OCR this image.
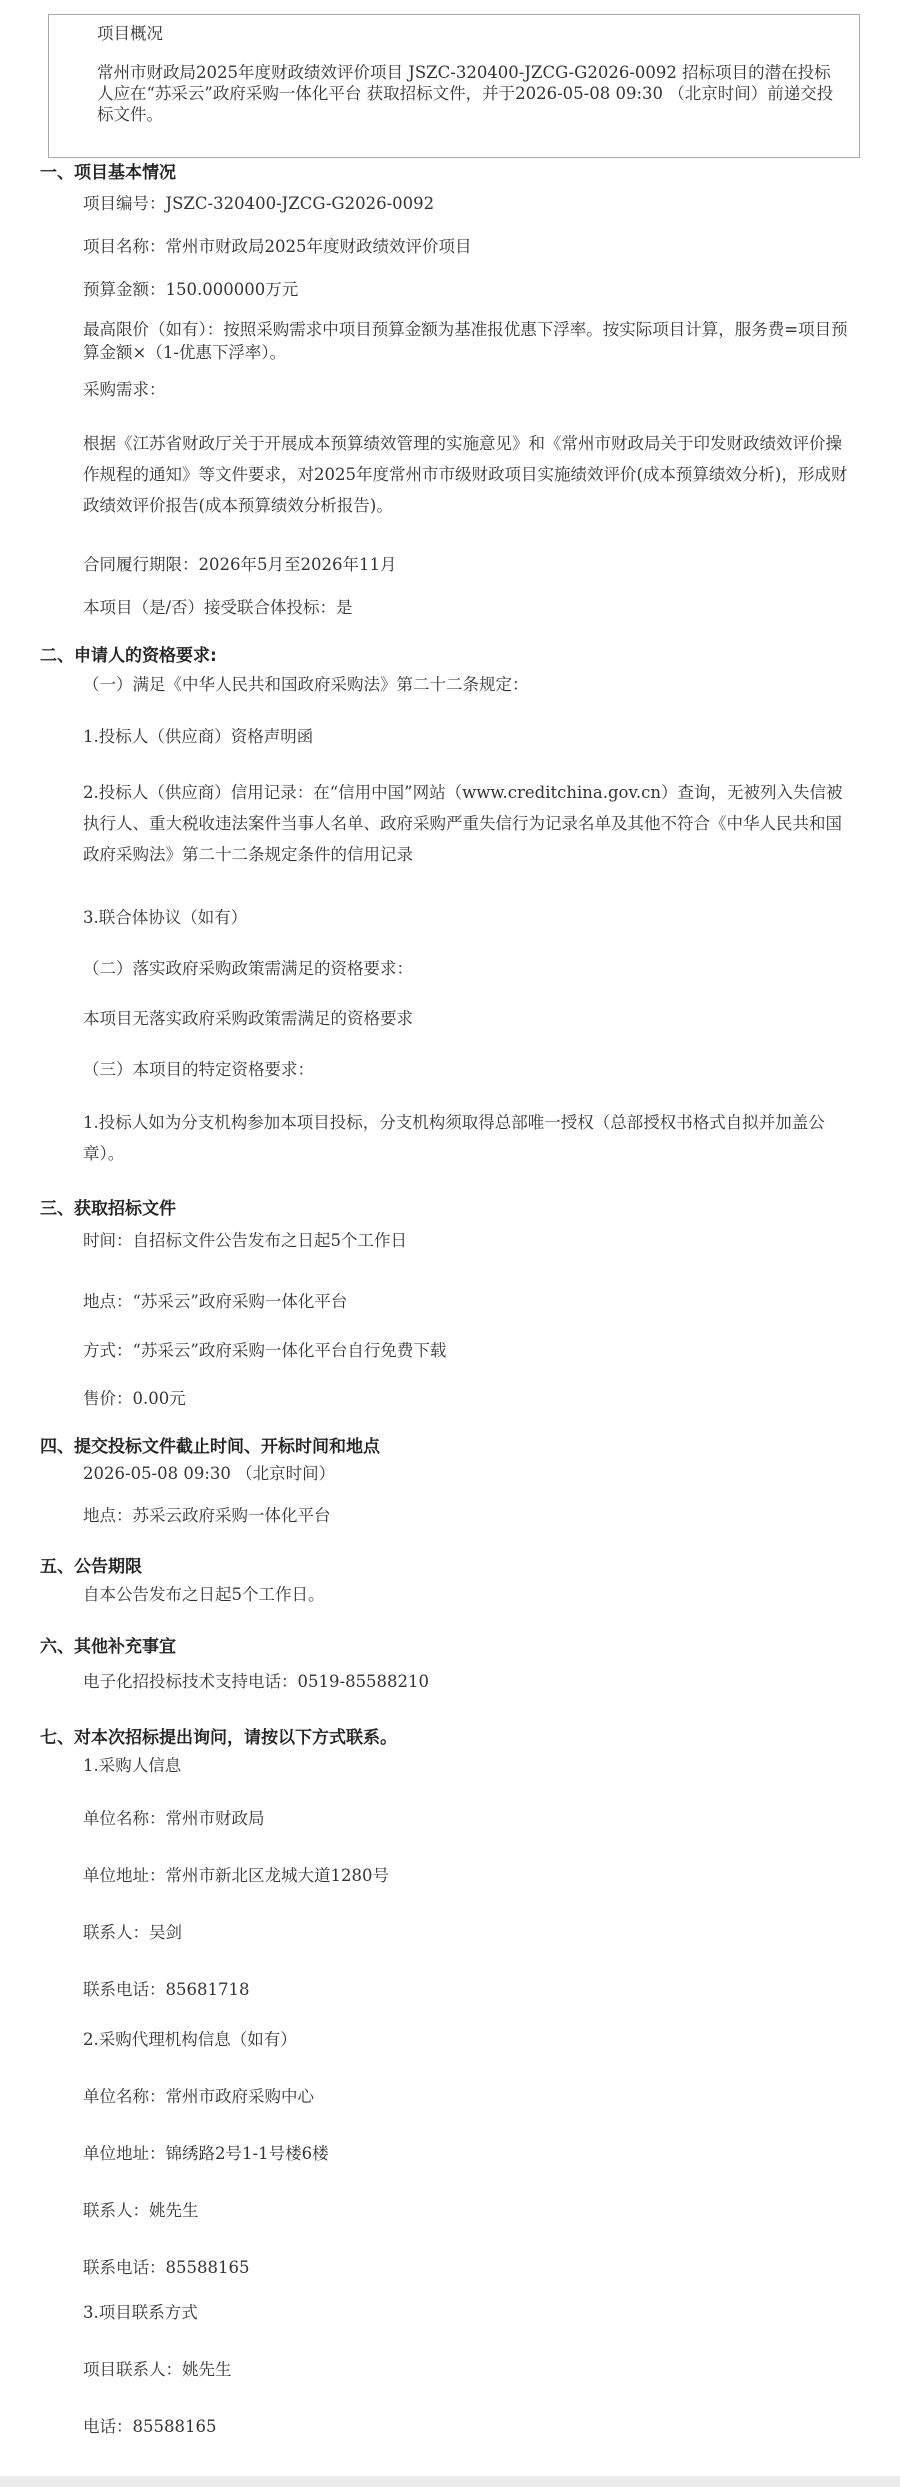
项目概况

常州市财政局2025年度财政绩效评价项目 JSZC-320400-JZCG-G2026-0092 招标项目的潜在投标人应在“苏采云”政府采购一体化平台 获取招标文件，并于2026-05-08 09:30 （北京时间）前递交投标文件。

一、项目基本情况
项目编号：JSZC-320400-JZCG-G2026-0092
项目名称：常州市财政局2025年度财政绩效评价项目
预算金额：150.000000万元
最高限价（如有）：按照采购需求中项目预算金额为基准报优惠下浮率。按实际项目计算，服务费=项目预算金额×（1-优惠下浮率）。
采购需求：
根据《江苏省财政厅关于开展成本预算绩效管理的实施意见》和《常州市财政局关于印发财政绩效评价操作规程的通知》等文件要求，对2025年度常州市市级财政项目实施绩效评价(成本预算绩效分析)，形成财政绩效评价报告(成本预算绩效分析报告)。
合同履行期限：2026年5月至2026年11月
本项目（是/否）接受联合体投标：是
二、申请人的资格要求:
（一）满足《中华人民共和国政府采购法》第二十二条规定：
1.投标人（供应商）资格声明函
2.投标人（供应商）信用记录：在“信用中国”网站（www.creditchina.gov.cn）查询，无被列入失信被执行人、重大税收违法案件当事人名单、政府采购严重失信行为记录名单及其他不符合《中华人民共和国政府采购法》第二十二条规定条件的信用记录
3.联合体协议（如有）
（二）落实政府采购政策需满足的资格要求：
本项目无落实政府采购政策需满足的资格要求
（三）本项目的特定资格要求：
1.投标人如为分支机构参加本项目投标，分支机构须取得总部唯一授权（总部授权书格式自拟并加盖公章）。
三、获取招标文件
时间：自招标文件公告发布之日起5个工作日
地点：“苏采云”政府采购一体化平台
方式：“苏采云”政府采购一体化平台自行免费下载
售价：0.00元
四、提交投标文件截止时间、开标时间和地点
2026-05-08 09:30 （北京时间）
地点：苏采云政府采购一体化平台
五、公告期限
自本公告发布之日起5个工作日。
六、其他补充事宜
电子化招投标技术支持电话：0519-85588210
七、对本次招标提出询问，请按以下方式联系。
1.采购人信息
单位名称：常州市财政局
单位地址：常州市新北区龙城大道1280号
联系人：吴剑
联系电话：85681718
2.采购代理机构信息（如有）
单位名称：常州市政府采购中心
单位地址：锦绣路2号1-1号楼6楼
联系人：姚先生
联系电话：85588165
3.项目联系方式
项目联系人：姚先生
电话：85588165
